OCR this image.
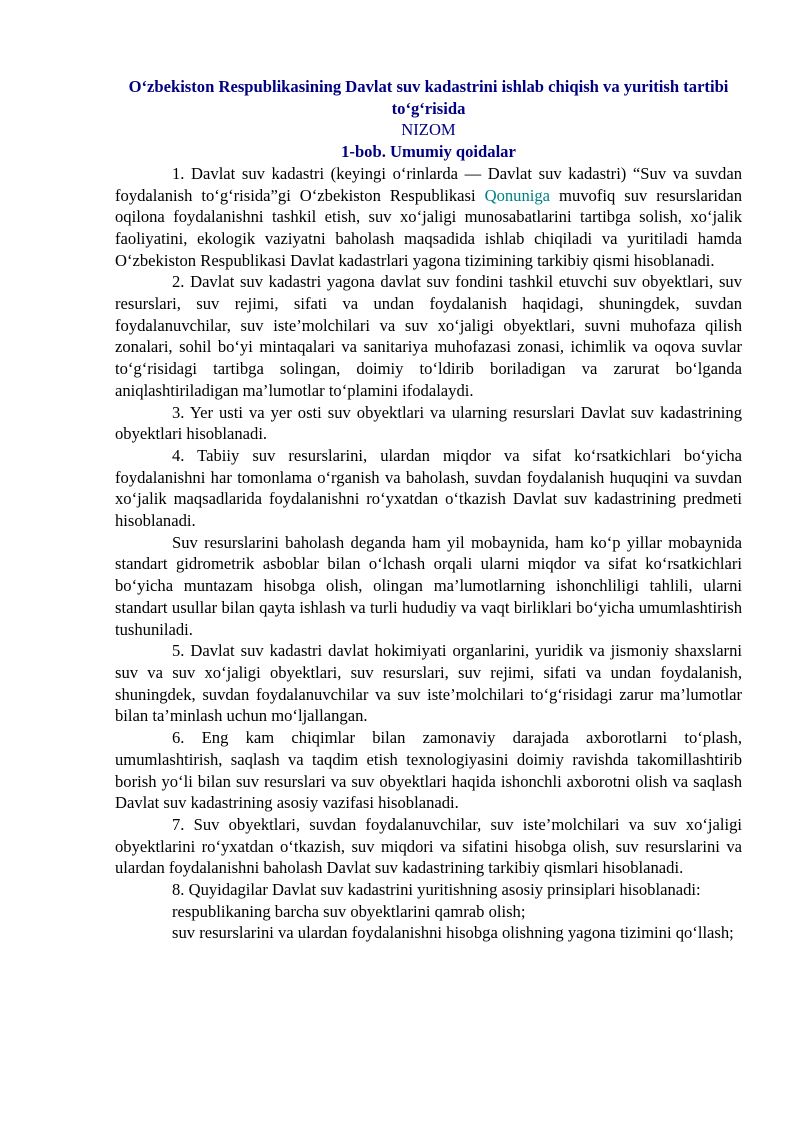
O‘zbekiston Respublikasining Davlat suv kadastrini ishlab chiqish va yuritish tartibi to‘g‘risida

NIZOM

1-bob. Umumiy qoidalar

1. Davlat suv kadastri (keyingi o‘rinlarda — Davlat suv kadastri) “Suv va suvdan foydalanish to‘g‘risida”gi O‘zbekiston Respublikasi Qonuniga muvofiq suv resurslaridan oqilona foydalanishni tashkil etish, suv xo‘jaligi munosabatlarini tartibga solish, xo‘jalik faoliyatini, ekologik vaziyatni baholash maqsadida ishlab chiqiladi va yuritiladi hamda O‘zbekiston Respublikasi Davlat kadastrlari yagona tizimining tarkibiy qismi hisoblanadi.

2. Davlat suv kadastri yagona davlat suv fondini tashkil etuvchi suv obyektlari, suv resurslari, suv rejimi, sifati va undan foydalanish haqidagi, shuningdek, suvdan foydalanuvchilar, suv iste’molchilari va suv xo‘jaligi obyektlari, suvni muhofaza qilish zonalari, sohil bo‘yi mintaqalari va sanitariya muhofazasi zonasi, ichimlik va oqova suvlar to‘g‘risidagi tartibga solingan, doimiy to‘ldirib boriladigan va zarurat bo‘lganda aniqlashtiriladigan ma’lumotlar to‘plamini ifodalaydi.

3. Yer usti va yer osti suv obyektlari va ularning resurslari Davlat suv kadastrining obyektlari hisoblanadi.

4. Tabiiy suv resurslarini, ulardan miqdor va sifat ko‘rsatkichlari bo‘yicha foydalanishni har tomonlama o‘rganish va baholash, suvdan foydalanish huquqini va suvdan xo‘jalik maqsadlarida foydalanishni ro‘yxatdan o‘tkazish Davlat suv kadastrining predmeti hisoblanadi.

Suv resurslarini baholash deganda ham yil mobaynida, ham ko‘p yillar mobaynida standart gidrometrik asboblar bilan o‘lchash orqali ularni miqdor va sifat ko‘rsatkichlari bo‘yicha muntazam hisobga olish, olingan ma’lumotlarning ishonchliligi tahlili, ularni standart usullar bilan qayta ishlash va turli hududiy va vaqt birliklari bo‘yicha umumlashtirish tushuniladi.

5. Davlat suv kadastri davlat hokimiyati organlarini, yuridik va jismoniy shaxslarni suv va suv xo‘jaligi obyektlari, suv resurslari, suv rejimi, sifati va undan foydalanish, shuningdek, suvdan foydalanuvchilar va suv iste’molchilari to‘g‘risidagi zarur ma’lumotlar bilan ta’minlash uchun mo‘ljallangan.

6. Eng kam chiqimlar bilan zamonaviy darajada axborotlarni to‘plash, umumlashtirish, saqlash va taqdim etish texnologiyasini doimiy ravishda takomillashtirib borish yo‘li bilan suv resurslari va suv obyektlari haqida ishonchli axborotni olish va saqlash Davlat suv kadastrining asosiy vazifasi hisoblanadi.

7. Suv obyektlari, suvdan foydalanuvchilar, suv iste’molchilari va suv xo‘jaligi obyektlarini ro‘yxatdan o‘tkazish, suv miqdori va sifatini hisobga olish, suv resurslarini va ulardan foydalanishni baholash Davlat suv kadastrining tarkibiy qismlari hisoblanadi.

8. Quyidagilar Davlat suv kadastrini yuritishning asosiy prinsiplari hisoblanadi:

respublikaning barcha suv obyektlarini qamrab olish;

suv resurslarini va ulardan foydalanishni hisobga olishning yagona tizimini qo‘llash;
